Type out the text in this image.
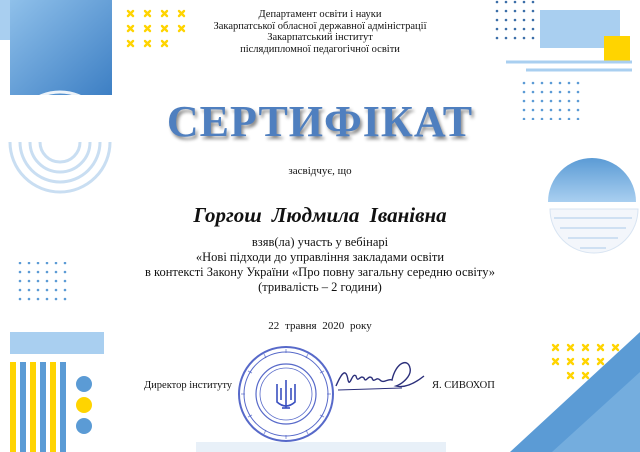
Департамент освіти і науки
Закарпатської обласної державної адміністрації
Закарпатський інститут
післядипломної педагогічної освіти
СЕРТИФІКАТ
засвідчує, що
Горгош Людмила Іванівна
взяв(ла) участь у вебінарі
«Нові підходи до управління закладами освіти
в контексті Закону України «Про повну загальну середню освіту»
(тривалість – 2 години)
22 травня 2020 року
Директор інституту	Я. СИВОХОП
